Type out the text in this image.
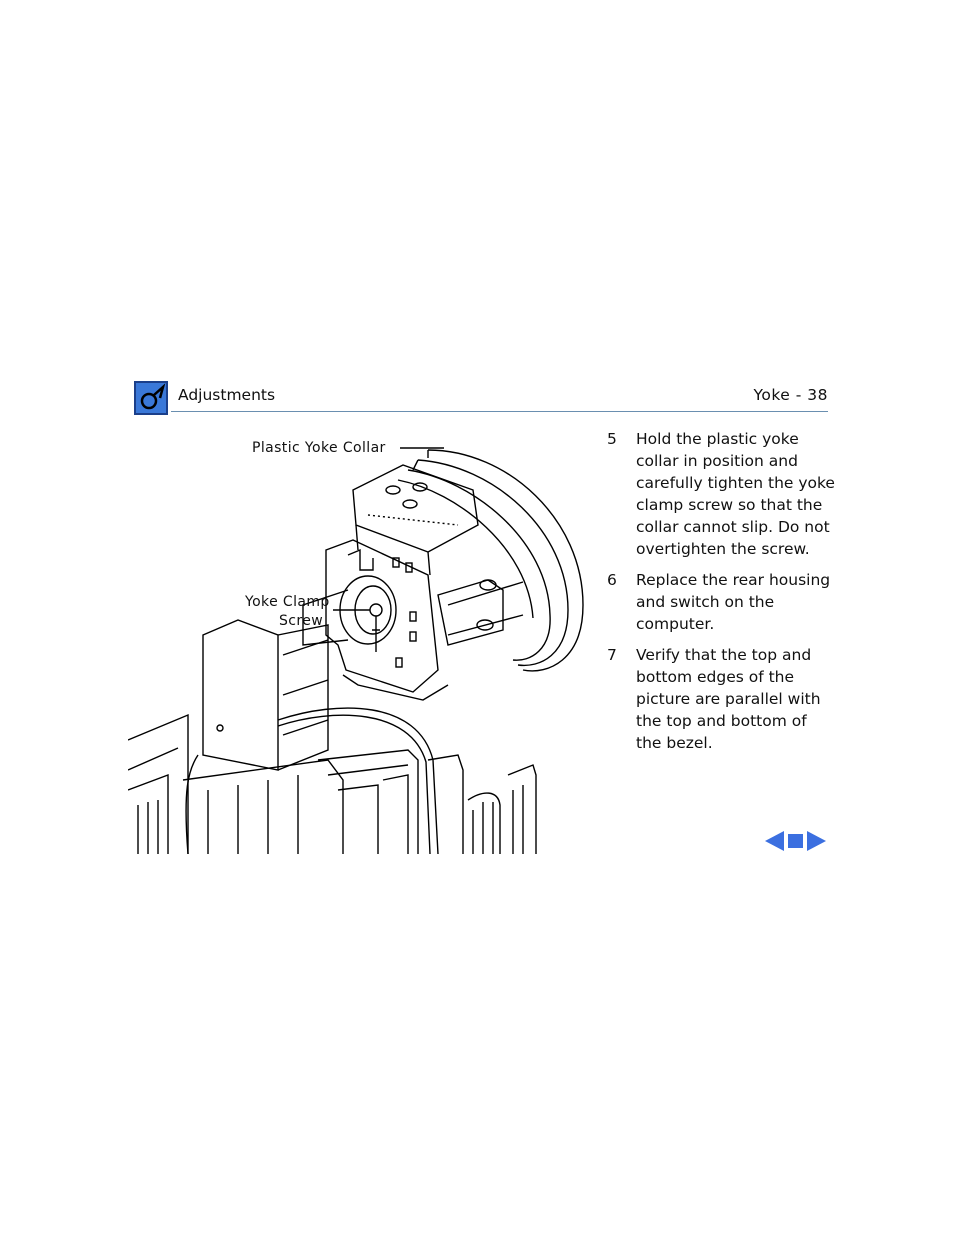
Adjustments	Yoke - 38
Plastic Yoke Collar
Yoke Clamp
Screw
5 Hold the plastic yoke collar in position and carefully tighten the yoke clamp screw so that the collar cannot slip. Do not overtighten the screw.
6 Replace the rear housing and switch on the computer.
7 Verify that the top and bottom edges of the picture are parallel with the top and bottom of the bezel.
